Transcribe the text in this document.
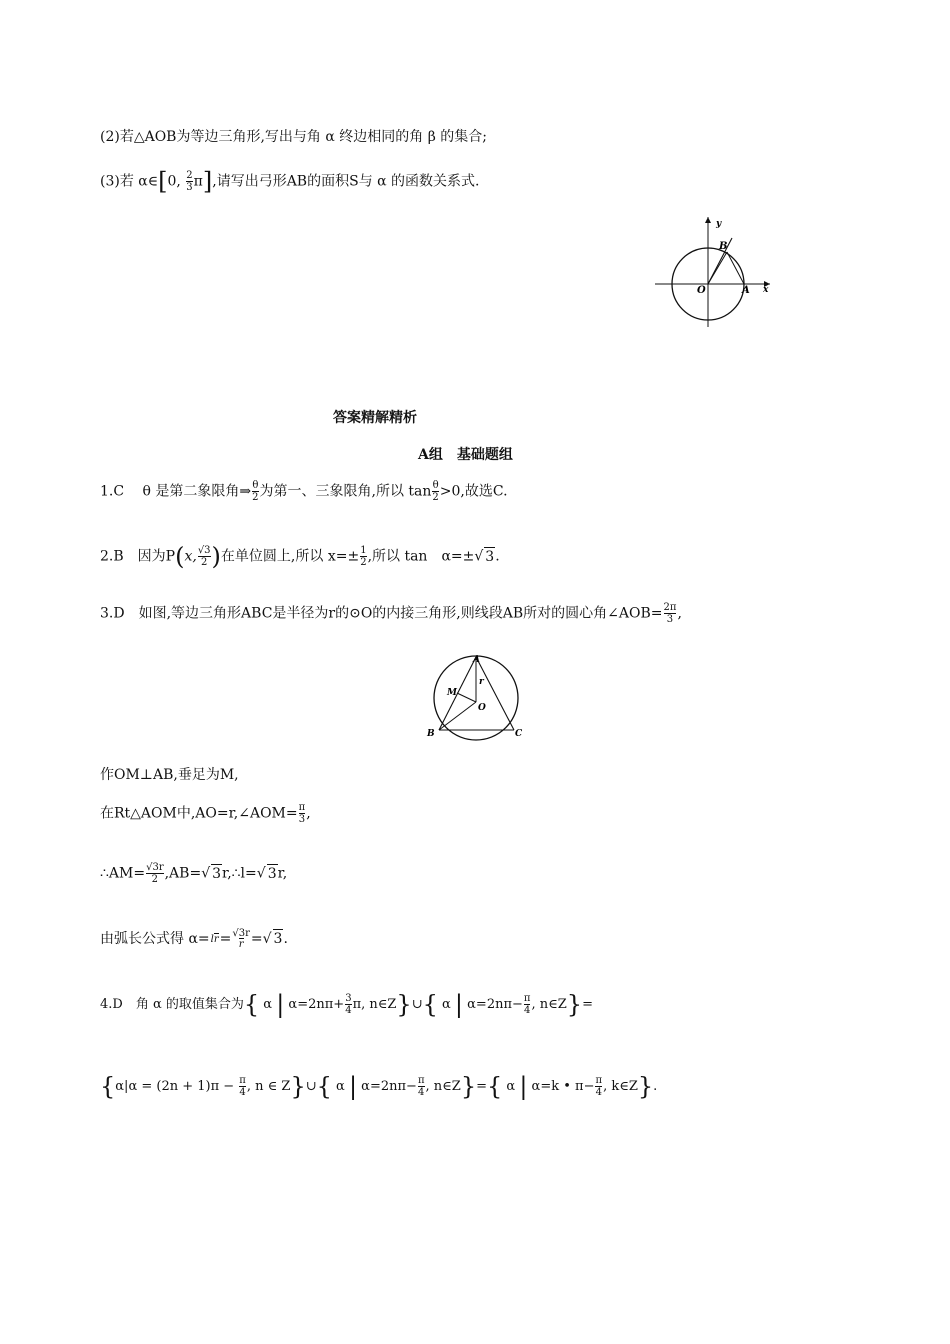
(2)若△AOB为等边三角形,写出与角 α 终边相同的角 β 的集合;
(3)若 α∈[0, $\frac{2}{3} \pi$],请写出弓形AB的面积S与 α 的函数关系式.
y
x
O	A
B
答案精解精析
A组　基础题组
1.C　 θ 是第二象限角⇒ $\frac{\theta}{2}$ 为第一、三象限角,所以 $\tan \frac{\theta}{2} >0$,故选C.
2.B　因为P(x, $\frac{√3}{2}$ )在单位圆上,所以 $x=\pm \frac{1}{2}$ ,所以 tan　α=±√ 3.
3.D　如图,等边三角形ABC是半径为r的⊙O的内接三角形,则线段AB所对的圆心角∠AOB= $\frac{2\pi}{3}$ ,
A
B	C
M
O
r
作OM⊥AB,垂足为M,
在Rt△AOM中,AO=r,∠AOM= $\frac{\pi}{3}$ ,
∴AM= $\frac{√3r}{2} ,AB=√$ 3r,∴l=√ 3r,
由弧长公式得 $\alpha=lr= \frac{√3r}{r}=√$ 3.
4.D　角 α 的取值集合为{ α | $\alpha=2n\pi+ \frac{3}{4} \pi$, n∈Z}∪{ α | $\alpha=2n\pi- \frac{\pi}{4}$ , n∈Z}=
{$\alpha|\alpha = (2n + 1)\pi - \frac{\pi}{4}$ , n ∈ Z}∪{ α | $\alpha=2n\pi- \frac{\pi}{4}$ , n∈Z}={ α | α=k • $\pi- \frac{\pi}{4}$ , k∈Z}.
